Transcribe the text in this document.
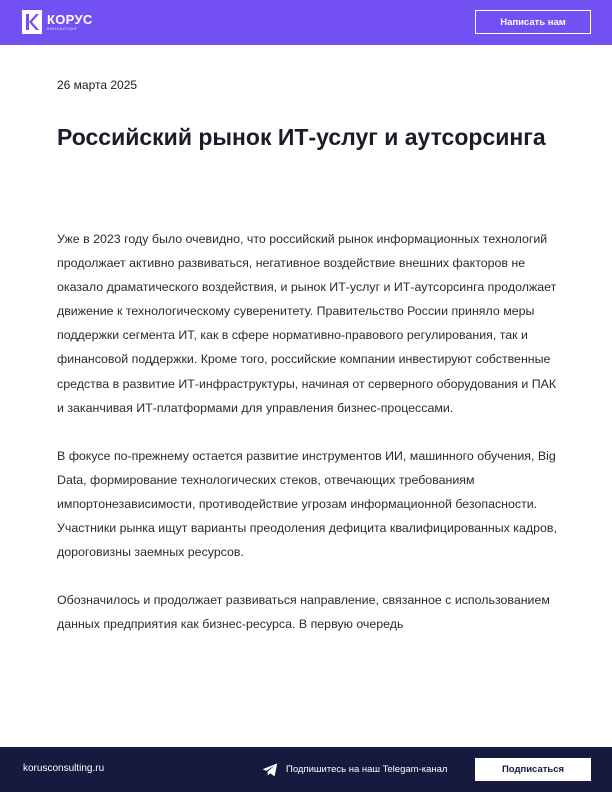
КОРУС
КОНСАЛТИНГ
Написать нам
26 марта 2025
Российский рынок ИТ-услуг и аутсорсинга

Уже в 2023 году было очевидно, что российский рынок информационных технологий продолжает активно развиваться, негативное воздействие внешних факторов не оказало драматического воздействия, и рынок ИТ-услуг и ИТ-аутсорсинга продолжает движение к технологическому суверенитету. Правительство России приняло меры поддержки сегмента ИТ, как в сфере нормативно-правового регулирования, так и финансовой поддержки. Кроме того, российские компании инвестируют собственные средства в развитие ИТ-инфраструктуры, начиная от серверного оборудования и ПАК и заканчивая ИТ-платформами для управления бизнес-процессами.

В фокусе по-прежнему остается развитие инструментов ИИ, машинного обучения, Big Data, формирование технологических стеков, отвечающих требованиям импортонезависимости, противодействие угрозам информационной безопасности. Участники рынка ищут варианты преодоления дефицита квалифицированных кадров, дороговизны заемных ресурсов.

Обозначилось и продолжает развиваться направление, связанное с использованием данных предприятия как бизнес-ресурса. В первую очередь

korusconsulting.ru	Подпишитесь на наш Telegam-канал	Подписаться
